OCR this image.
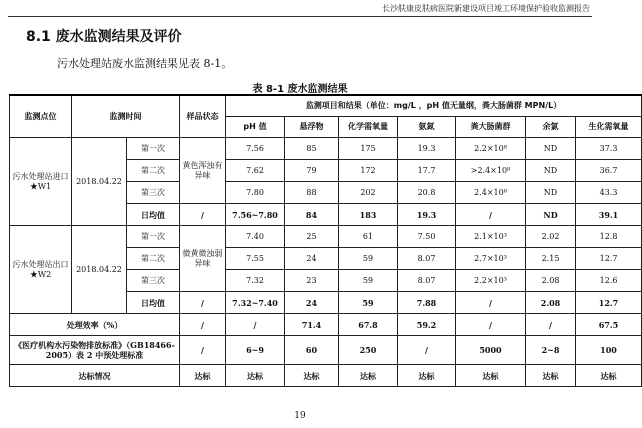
长沙肤康皮肤病医院新建设项目竣工环境保护验收监测报告
8.1 废水监测结果及评价
污水处理站废水监测结果见表 8-1。
表 8-1 废水监测结果
监测点位	监测时间		样品状态	监测项目和结果（单位：mg/L ，pH 值无量纲，粪大肠菌群 MPN/L）						
				pH 值	悬浮物	化学需氧量	氨氮	粪大肠菌群	余氯	生化需氧量
污水处理站进口★W1	2018.04.22	第一次	黄色浑浊有异味	7.56	85	175	19.3	2.2×10⁸	ND	37.3
		第二次		7.62	79	172	17.7	>2.4×10⁸	ND	36.7
		第三次		7.80	88	202	20.8	2.4×10⁸	ND	43.3
		日均值	/	7.56~7.80	84	183	19.3	/	ND	39.1
污水处理站出口★W2	2018.04.22	第一次	微黄微浊弱异味	7.40	25	61	7.50	2.1×10³	2.02	12.8
		第二次		7.55	24	59	8.07	2.7×10³	2.15	12.7
		第三次		7.32	23	59	8.07	2.2×10³	2.08	12.6
		日均值	/	7.32~7.40	24	59	7.88	/	2.08	12.7
处理效率（%）			/	/	71.4	67.8	59.2	/	/	67.5
《医疗机构水污染物排放标准》（GB18466-2005）表 2 中预处理标准			/	6~9	60	250	/	5000	2~8	100
达标情况			达标	达标	达标	达标	达标	达标	达标	达标
19
